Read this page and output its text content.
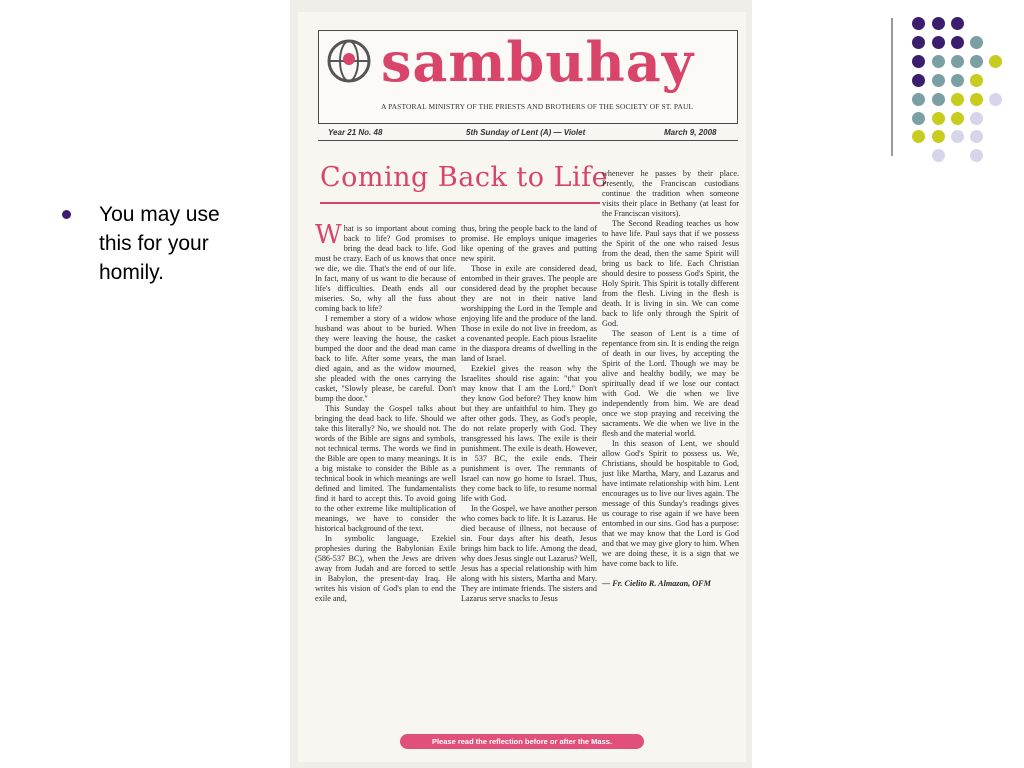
You may use this for your homily.
sambuhay
A PASTORAL MINISTRY OF THE PRIESTS AND BROTHERS OF THE SOCIETY OF ST. PAUL
Year 21 No. 48	5th Sunday of Lent (A) — Violet	March 9, 2008
Coming Back to Life

What is so important about coming back to life? God promises to bring the dead back to life. God must be crazy. Each of us knows that once we die, we die. That's the end of our life. In fact, many of us want to die because of life's difficulties. Death ends all our miseries. So, why all the fuss about coming back to life?

I remember a story of a widow whose husband was about to be buried. When they were leaving the house, the casket bumped the door and the dead man came back to life. After some years, the man died again, and as the widow mourned, she pleaded with the ones carrying the casket, "Slowly please, be careful. Don't bump the door."

This Sunday the Gospel talks about bringing the dead back to life. Should we take this literally? No, we should not. The words of the Bible are signs and symbols, not technical terms. The words we find in the Bible are open to many meanings. It is a big mistake to consider the Bible as a technical book in which meanings are well defined and limited. The fundamentalists find it hard to accept this. To avoid going to the other extreme like multiplication of meanings, we have to consider the historical background of the text.

In symbolic language, Ezekiel prophesies during the Babylonian Exile (586-537 BC), when the Jews are driven away from Judah and are forced to settle in Babylon, the present-day Iraq. He writes his vision of God's plan to end the exile and,

thus, bring the people back to the land of promise. He employs unique imageries like opening of the graves and putting new spirit.

Those in exile are considered dead, entombed in their graves. The people are considered dead by the prophet because they are not in their native land worshipping the Lord in the Temple and enjoying life and the produce of the land. Those in exile do not live in freedom, as a covenanted people. Each pious Israelite in the diaspora dreams of dwelling in the land of Israel.

Ezekiel gives the reason why the Israelites should rise again: "that you may know that I am the Lord." Don't they know God before? They know him but they are unfaithful to him. They go after other gods. They, as God's people, do not relate properly with God. They transgressed his laws. The exile is their punishment. The exile is death. However, in 537 BC, the exile ends. Their punishment is over. The remnants of Israel can now go home to Israel. Thus, they come back to life, to resume normal life with God.

In the Gospel, we have another person who comes back to life. It is Lazarus. He died because of illness, not because of sin. Four days after his death, Jesus brings him back to life. Among the dead, why does Jesus single out Lazarus? Well, Jesus has a special relationship with him along with his sisters, Martha and Mary. They are intimate friends. The sisters and Lazarus serve snacks to Jesus

whenever he passes by their place. Presently, the Franciscan custodians continue the tradition when someone visits their place in Bethany (at least for the Franciscan visitors).

The Second Reading teaches us how to have life. Paul says that if we possess the Spirit of the one who raised Jesus from the dead, then the same Spirit will bring us back to life. Each Christian should desire to possess God's Spirit, the Holy Spirit. This Spirit is totally different from the flesh. Living in the flesh is death. It is living in sin. We can come back to life only through the Spirit of God.

The season of Lent is a time of repentance from sin. It is ending the reign of death in our lives, by accepting the Spirit of the Lord. Though we may be alive and healthy bodily, we may be spiritually dead if we lose our contact with God. We die when we live independently from him. We are dead once we stop praying and receiving the sacraments. We die when we live in the flesh and the material world.

In this season of Lent, we should allow God's Spirit to possess us. We, Christians, should be hospitable to God, just like Martha, Mary, and Lazarus and have intimate relationship with him. Lent encourages us to live our lives again. The message of this Sunday's readings gives us courage to rise again if we have been entombed in our sins. God has a purpose: that we may know that the Lord is God and that we may give glory to him. When we are doing these, it is a sign that we have come back to life.

— Fr. Cielito R. Almazan, OFM

Please read the reflection before or after the Mass.
